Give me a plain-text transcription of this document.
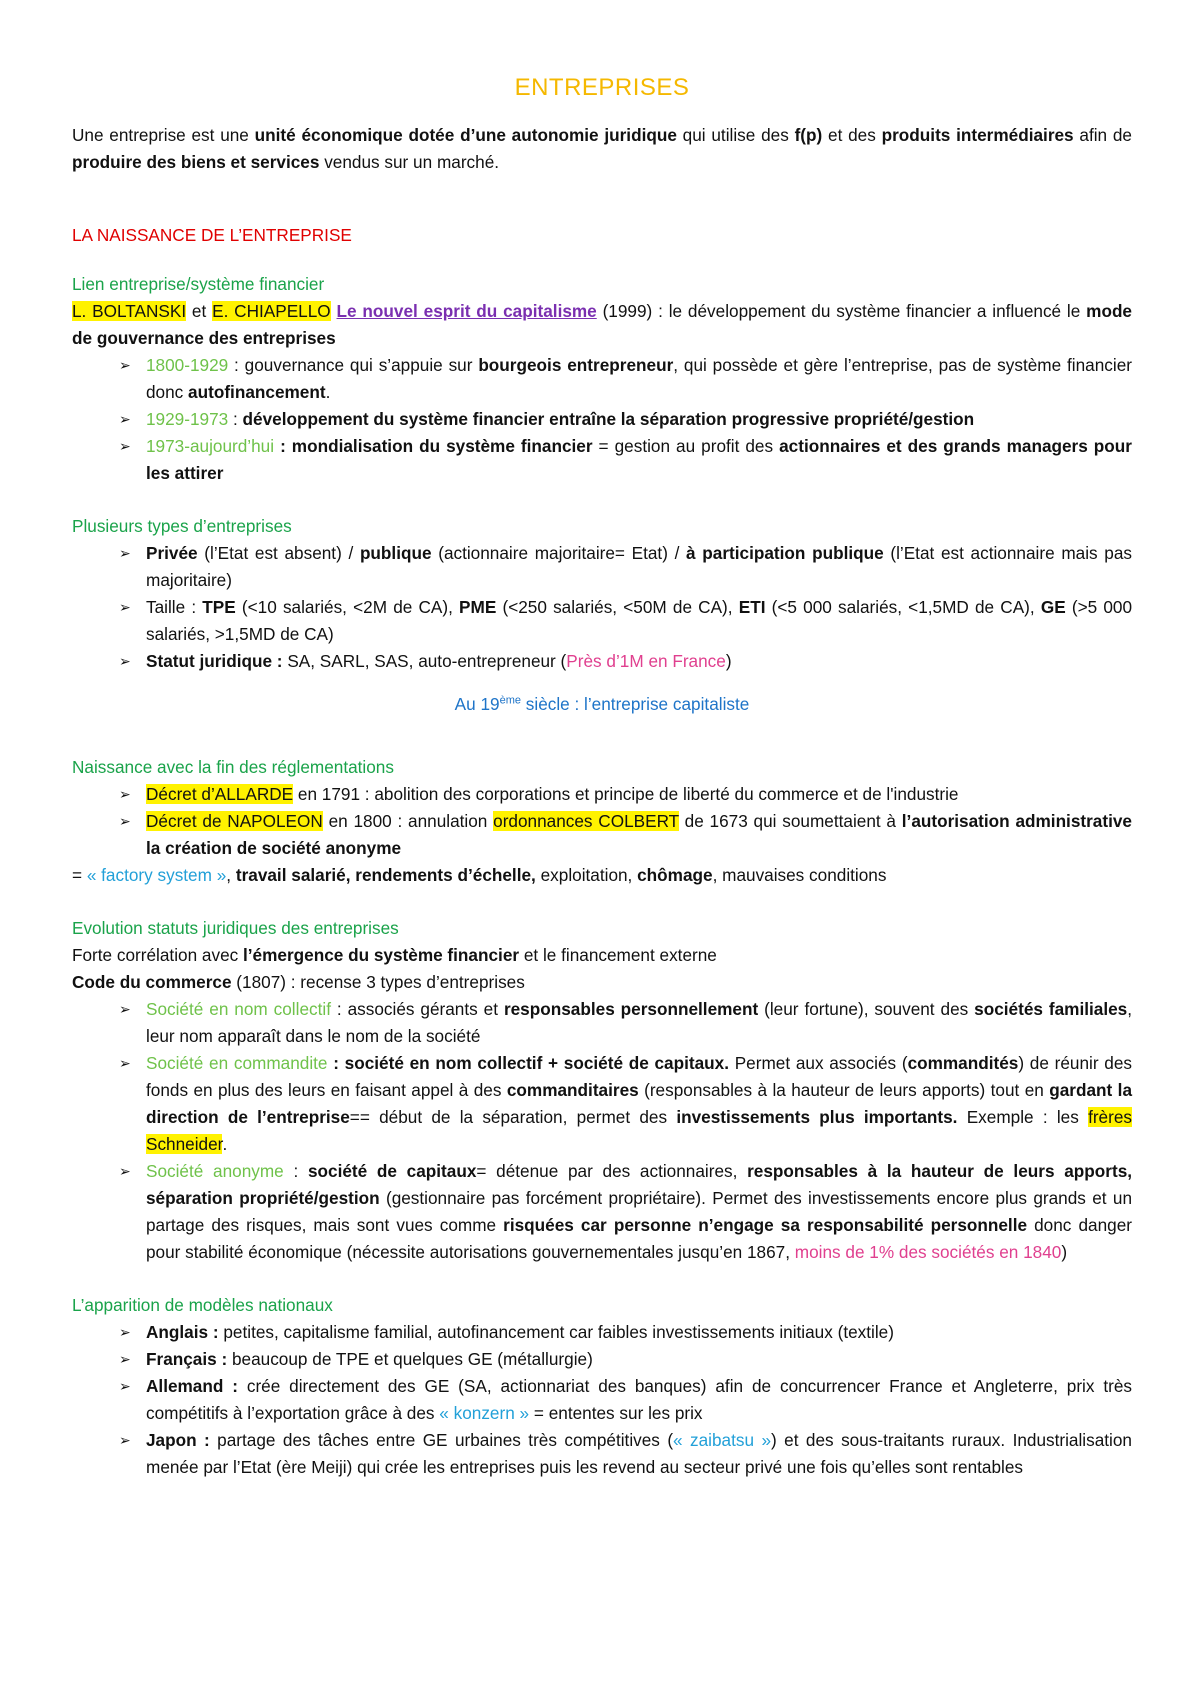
ENTREPRISES
Une entreprise est une unité économique dotée d’une autonomie juridique qui utilise des f(p) et des produits intermédiaires afin de produire des biens et services vendus sur un marché.
LA NAISSANCE DE L’ENTREPRISE
Lien entreprise/système financier
L. BOLTANSKI et E. CHIAPELLO Le nouvel esprit du capitalisme (1999) : le développement du système financier a influencé le mode de gouvernance des entreprises
➢ 1800-1929 : gouvernance qui s’appuie sur bourgeois entrepreneur, qui possède et gère l’entreprise, pas de système financier donc autofinancement.
➢ 1929-1973 : développement du système financier entraîne la séparation progressive propriété/gestion
➢ 1973-aujourd’hui : mondialisation du système financier = gestion au profit des actionnaires et des grands managers pour les attirer
Plusieurs types d’entreprises
➢ Privée (l’Etat est absent) / publique (actionnaire majoritaire= Etat) / à participation publique (l’Etat est actionnaire mais pas majoritaire)
➢ Taille : TPE (<10 salariés, <2M de CA), PME (<250 salariés, <50M de CA), ETI (<5 000 salariés, <1,5MD de CA), GE (>5 000 salariés, >1,5MD de CA)
➢ Statut juridique : SA, SARL, SAS, auto-entrepreneur (Près d’1M en France)
Au 19ème siècle : l’entreprise capitaliste
Naissance avec la fin des réglementations
➢ Décret d’ALLARDE en 1791 : abolition des corporations et principe de liberté du commerce et de l'industrie
➢ Décret de NAPOLEON en 1800 : annulation ordonnances COLBERT de 1673 qui soumettaient à l’autorisation administrative la création de société anonyme
= « factory system », travail salarié, rendements d’échelle, exploitation, chômage, mauvaises conditions
Evolution statuts juridiques des entreprises
Forte corrélation avec l’émergence du système financier et le financement externe
Code du commerce (1807) : recense 3 types d’entreprises
➢ Société en nom collectif : associés gérants et responsables personnellement (leur fortune), souvent des sociétés familiales, leur nom apparaît dans le nom de la société
➢ Société en commandite : société en nom collectif + société de capitaux. Permet aux associés (commandités) de réunir des fonds en plus des leurs en faisant appel à des commanditaires (responsables à la hauteur de leurs apports) tout en gardant la direction de l’entreprise== début de la séparation, permet des investissements plus importants. Exemple : les frères Schneider.
➢ Société anonyme : société de capitaux= détenue par des actionnaires, responsables à la hauteur de leurs apports, séparation propriété/gestion (gestionnaire pas forcément propriétaire). Permet des investissements encore plus grands et un partage des risques, mais sont vues comme risquées car personne n’engage sa responsabilité personnelle donc danger pour stabilité économique (nécessite autorisations gouvernementales jusqu’en 1867, moins de 1% des sociétés en 1840)
L’apparition de modèles nationaux
➢ Anglais : petites, capitalisme familial, autofinancement car faibles investissements initiaux (textile)
➢ Français : beaucoup de TPE et quelques GE (métallurgie)
➢ Allemand : crée directement des GE (SA, actionnariat des banques) afin de concurrencer France et Angleterre, prix très compétitifs à l’exportation grâce à des « konzern » = ententes sur les prix
➢ Japon : partage des tâches entre GE urbaines très compétitives (« zaibatsu ») et des sous-traitants ruraux. Industrialisation menée par l’Etat (ère Meiji) qui crée les entreprises puis les revend au secteur privé une fois qu’elles sont rentables
